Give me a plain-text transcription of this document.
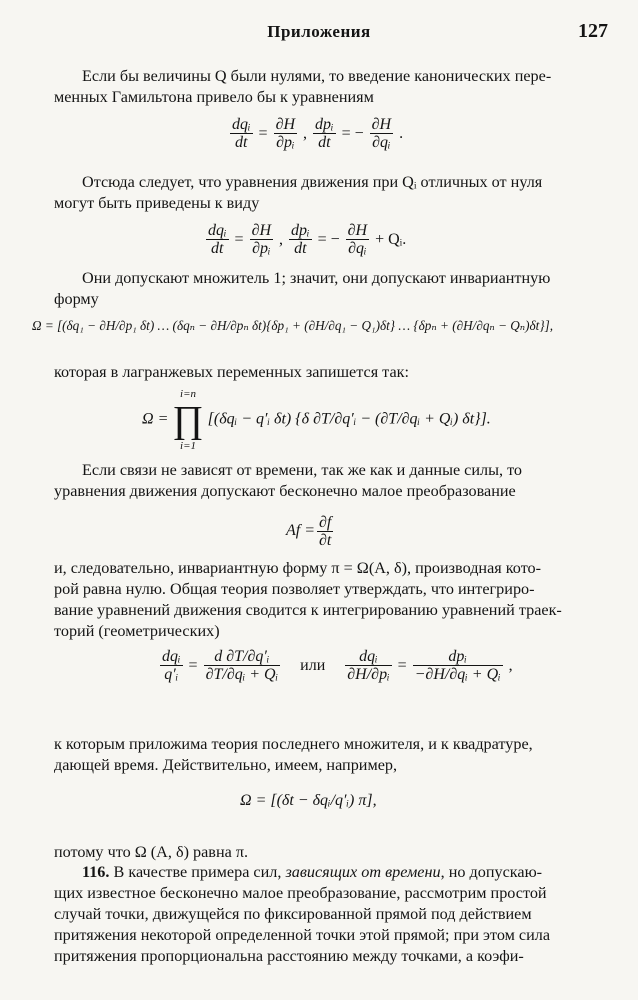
Приложения	127
Если бы величины Q были нулями, то введение канонических пере-
менных Гамильтона привело бы к уравнениям
$\frac{\text{dqᵢ}}{dt} = \frac{\partial H}{\text{∂pᵢ}}$ , $\frac{\text{dpᵢ}}{dt}$ = − $\frac{\partial H}{\text{∂qᵢ}}$ .
Отсюда следует, что уравнения движения при Qᵢ отличных от нуля
могут быть приведены к виду
$\frac{\text{dqᵢ}}{dt} = \frac{\partial H}{\text{∂pᵢ}}$ , $\frac{\text{dpᵢ}}{dt}$ = − $\frac{\partial H}{\text{∂qᵢ}}$ + Qᵢ.
Они допускают множитель 1; значит, они допускают инвариантную
форму
Ω = [(δq₁ − ∂H/∂p₁ δt) … (δqₙ − ∂H/∂pₙ δt){δp₁ + (∂H/∂q₁ − Q₁)δt} … {δpₙ + (∂H/∂qₙ − Qₙ)δt}],
которая в лагранжевых переменных запишется так:
Ω =
i=n
∏
i=1
[(δqᵢ − q′ᵢ δt) {δ ∂T/∂q′ᵢ − (∂T/∂qᵢ + Qᵢ) δt}].
Если связи не зависят от времени, так же как и данные силы, то
уравнения движения допускают бесконечно малое преобразование
$Af = \frac{\partial f}{\partial t}$
и, следовательно, инвариантную форму π = Ω(A, δ), производная кото-
рой равна нулю. Общая теория позволяет утверждать, что интегриро-
вание уравнений движения сводится к интегрированию уравнений траек-
торий (геометрических)
$\frac{\text{dqᵢ}}{\text{q′ᵢ}} = \frac{\text{d ∂T/∂q′ᵢ}}{\text{∂T/∂qᵢ + Qᵢ}}$ или $\frac{\text{dqᵢ}}{\text{∂H/∂pᵢ}} = \frac{\text{dpᵢ}}{\text{−∂H/∂qᵢ + Qᵢ}}$ ,
к которым приложима теория последнего множителя, и к квадратуре,
дающей время. Действительно, имеем, например,
Ω = [(δt − δqᵢ/q′ᵢ) π],
потому что Ω (A, δ) равна π.
116. В качестве примера сил, зависящих от времени, но допускаю-
щих известное бесконечно малое преобразование, рассмотрим простой
случай точки, движущейся по фиксированной прямой под действием
притяжения некоторой определенной точки этой прямой; при этом сила
притяжения пропорциональна расстоянию между точками, а коэфи-
